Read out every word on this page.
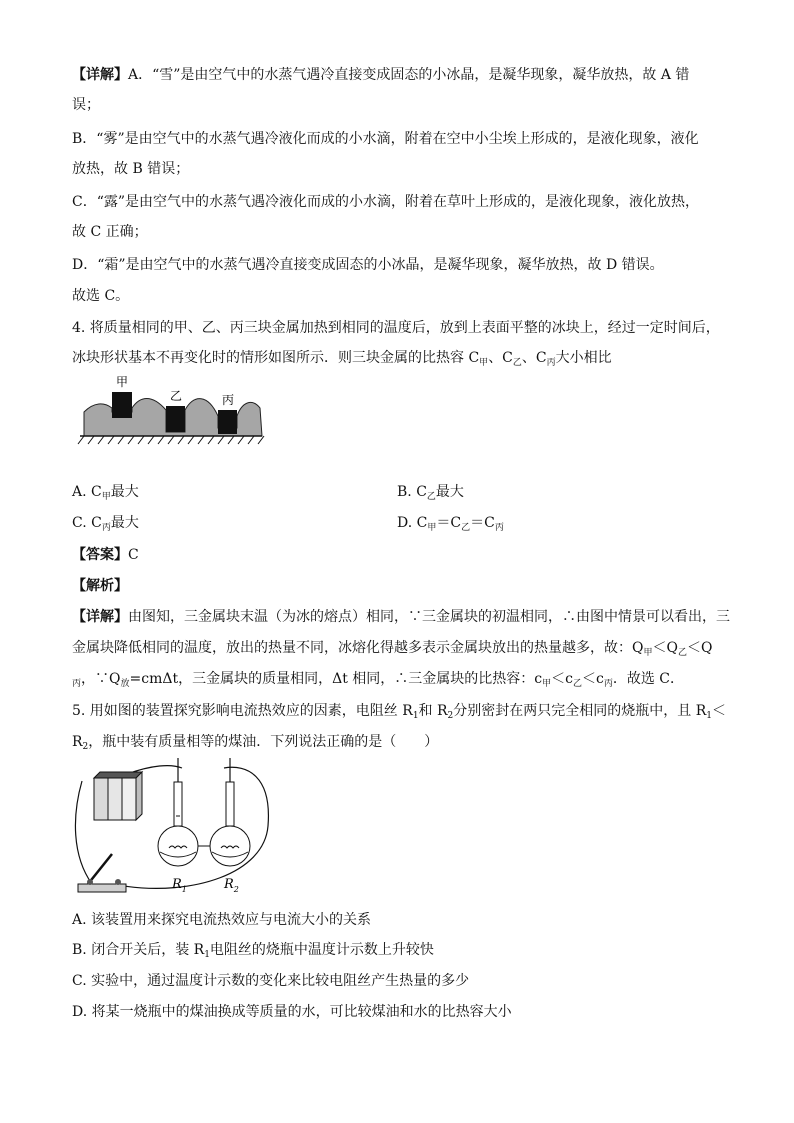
【详解】A．“雪”是由空气中的水蒸气遇冷直接变成固态的小冰晶，是凝华现象，凝华放热，故 A 错
误；
B．“雾”是由空气中的水蒸气遇冷液化而成的小水滴，附着在空中小尘埃上形成的，是液化现象，液化
放热，故 B 错误；
C．“露”是由空气中的水蒸气遇冷液化而成的小水滴，附着在草叶上形成的，是液化现象，液化放热，
故 C 正确；
D．“霜”是由空气中的水蒸气遇冷直接变成固态的小冰晶，是凝华现象，凝华放热，故 D 错误。
故选 C。
4. 将质量相同的甲、乙、丙三块金属加热到相同的温度后，放到上表面平整的冰块上，经过一定时间后，
冰块形状基本不再变化时的情形如图所示．则三块金属的比热容 $C_甲$、$C_乙$、$C_丙$大小相比
甲
乙	丙
A. $C_甲$最大	B. $C_乙$最大
C. $C_丙$最大	D. $C_甲=C_乙=C_丙$
【答案】C
【解析】
【详解】由图知，三金属块末温（为冰的熔点）相同，∵三金属块的初温相同，∴由图中情景可以看出，三
金属块降低相同的温度，放出的热量不同，冰熔化得越多表示金属块放出的热量越多，故：$Q_甲<Q_乙<Q$
$_丙$，$\because Q_放=cm\Delta t$，三金属块的质量相同，Δt 相同，∴三金属块的比热容：$c_甲<c_乙<c_丙$．故选 C．
5. 用如图的装置探究影响电流热效应的因素，电阻丝 $R_1$和 $R_2$分别密封在两只完全相同的烧瓶中，且 $R_1<$
$R_2$，瓶中装有质量相等的煤油．下列说法正确的是（　　）
$R_1$	$R_2$
A. 该装置用来探究电流热效应与电流大小的关系
B. 闭合开关后，装 $R_1$电阻丝的烧瓶中温度计示数上升较快
C. 实验中，通过温度计示数的变化来比较电阻丝产生热量的多少
D. 将某一烧瓶中的煤油换成等质量的水，可比较煤油和水的比热容大小
